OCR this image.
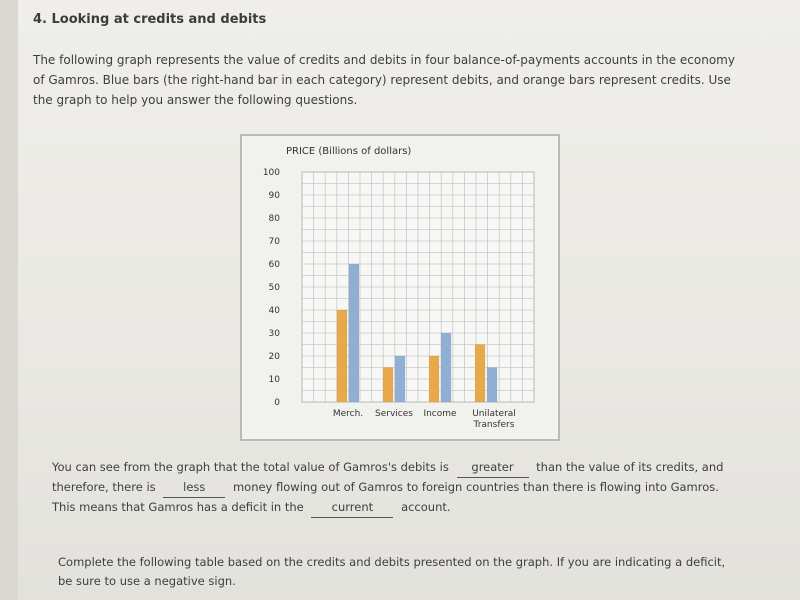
4. Looking at credits and debits
The following graph represents the value of credits and debits in four balance-of-payments accounts in the economy of Gamros. Blue bars (the right-hand bar in each category) represent debits, and orange bars represent credits. Use the graph to help you answer the following questions.
PRICE (Billions of dollars)
0
10
20
30
40
50
60
70
80
90
100
Merch. Services Income Unilateral
Transfers
You can see from the graph that the total value of Gamros's debits is greater than the value of its credits, and
therefore, there is less money flowing out of Gamros to foreign countries than there is flowing into Gamros.
This means that Gamros has a deficit in the current account.
Complete the following table based on the credits and debits presented on the graph. If you are indicating a deficit, be sure to use a negative sign.
